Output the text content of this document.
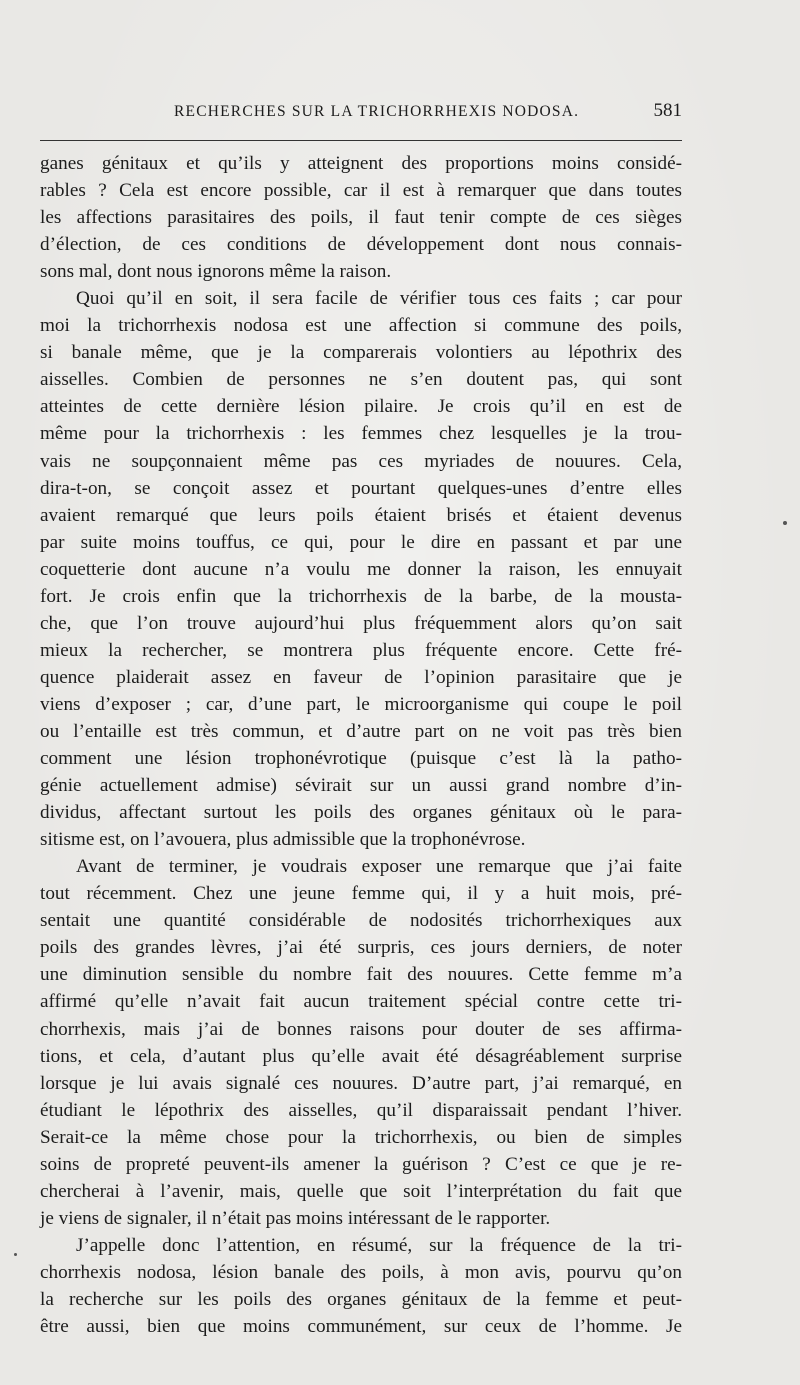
RECHERCHES SUR LA TRICHORRHEXIS NODOSA.	581
ganes génitaux et qu’ils y atteignent des proportions moins considé-
rables ? Cela est encore possible, car il est à remarquer que dans toutes
les affections parasitaires des poils, il faut tenir compte de ces sièges
d’élection, de ces conditions de développement dont nous connais-
sons mal, dont nous ignorons même la raison.
Quoi qu’il en soit, il sera facile de vérifier tous ces faits ; car pour
moi la trichorrhexis nodosa est une affection si commune des poils,
si banale même, que je la comparerais volontiers au lépothrix des
aisselles. Combien de personnes ne s’en doutent pas, qui sont
atteintes de cette dernière lésion pilaire. Je crois qu’il en est de
même pour la trichorrhexis : les femmes chez lesquelles je la trou-
vais ne soupçonnaient même pas ces myriades de nouures. Cela,
dira-t-on, se conçoit assez et pourtant quelques-unes d’entre elles
avaient remarqué que leurs poils étaient brisés et étaient devenus
par suite moins touffus, ce qui, pour le dire en passant et par une
coquetterie dont aucune n’a voulu me donner la raison, les ennuyait
fort. Je crois enfin que la trichorrhexis de la barbe, de la mousta-
che, que l’on trouve aujourd’hui plus fréquemment alors qu’on sait
mieux la rechercher, se montrera plus fréquente encore. Cette fré-
quence plaiderait assez en faveur de l’opinion parasitaire que je
viens d’exposer ; car, d’une part, le microorganisme qui coupe le poil
ou l’entaille est très commun, et d’autre part on ne voit pas très bien
comment une lésion trophonévrotique (puisque c’est là la patho-
génie actuellement admise) sévirait sur un aussi grand nombre d’in-
dividus, affectant surtout les poils des organes génitaux où le para-
sitisme est, on l’avouera, plus admissible que la trophonévrose.
Avant de terminer, je voudrais exposer une remarque que j’ai faite
tout récemment. Chez une jeune femme qui, il y a huit mois, pré-
sentait une quantité considérable de nodosités trichorrhexiques aux
poils des grandes lèvres, j’ai été surpris, ces jours derniers, de noter
une diminution sensible du nombre fait des nouures. Cette femme m’a
affirmé qu’elle n’avait fait aucun traitement spécial contre cette tri-
chorrhexis, mais j’ai de bonnes raisons pour douter de ses affirma-
tions, et cela, d’autant plus qu’elle avait été désagréablement surprise
lorsque je lui avais signalé ces nouures. D’autre part, j’ai remarqué, en
étudiant le lépothrix des aisselles, qu’il disparaissait pendant l’hiver.
Serait-ce la même chose pour la trichorrhexis, ou bien de simples
soins de propreté peuvent-ils amener la guérison ? C’est ce que je re-
chercherai à l’avenir, mais, quelle que soit l’interprétation du fait que
je viens de signaler, il n’était pas moins intéressant de le rapporter.
J’appelle donc l’attention, en résumé, sur la fréquence de la tri-
chorrhexis nodosa, lésion banale des poils, à mon avis, pourvu qu’on
la recherche sur les poils des organes génitaux de la femme et peut-
être aussi, bien que moins communément, sur ceux de l’homme. Je
